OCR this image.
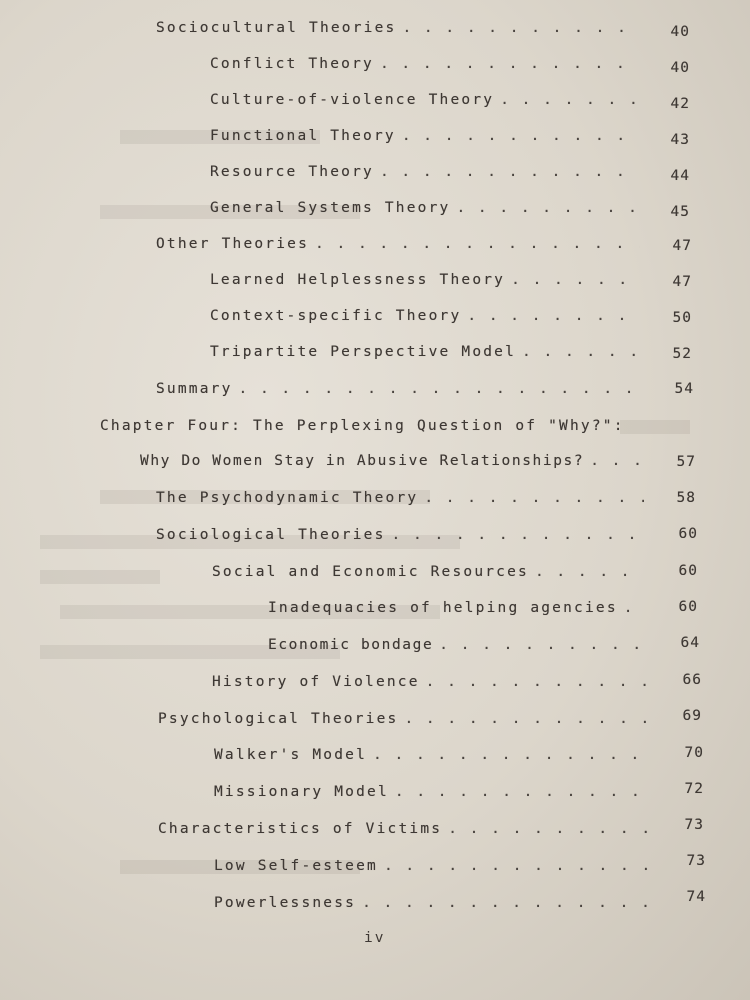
Sociocultural Theories . . .	40
Conflict Theory . . .	40
Culture-of-violence Theory . . .	42
Functional Theory . . .	43
Resource Theory . . .	44
General Systems Theory . . .	45
Other Theories . . .	47
Learned Helplessness Theory . . .	47
Context-specific Theory . . .	50
Tripartite Perspective Model . . .	52
Summary . . .	54
Chapter Four: The Perplexing Question of "Why?":
Why Do Women Stay in Abusive Relationships? . . .	57
The Psychodynamic Theory . . .	58
Sociological Theories . . .	60
Social and Economic Resources . . .	60
Inadequacies of helping agencies . . .	60
Economic bondage . . .	64
History of Violence . . .	66
Psychological Theories . . .	69
Walker's Model . . .	70
Missionary Model . . .	72
Characteristics of Victims . . .	73
Low Self-esteem . . .	73
Powerlessness . . .	74
iv
